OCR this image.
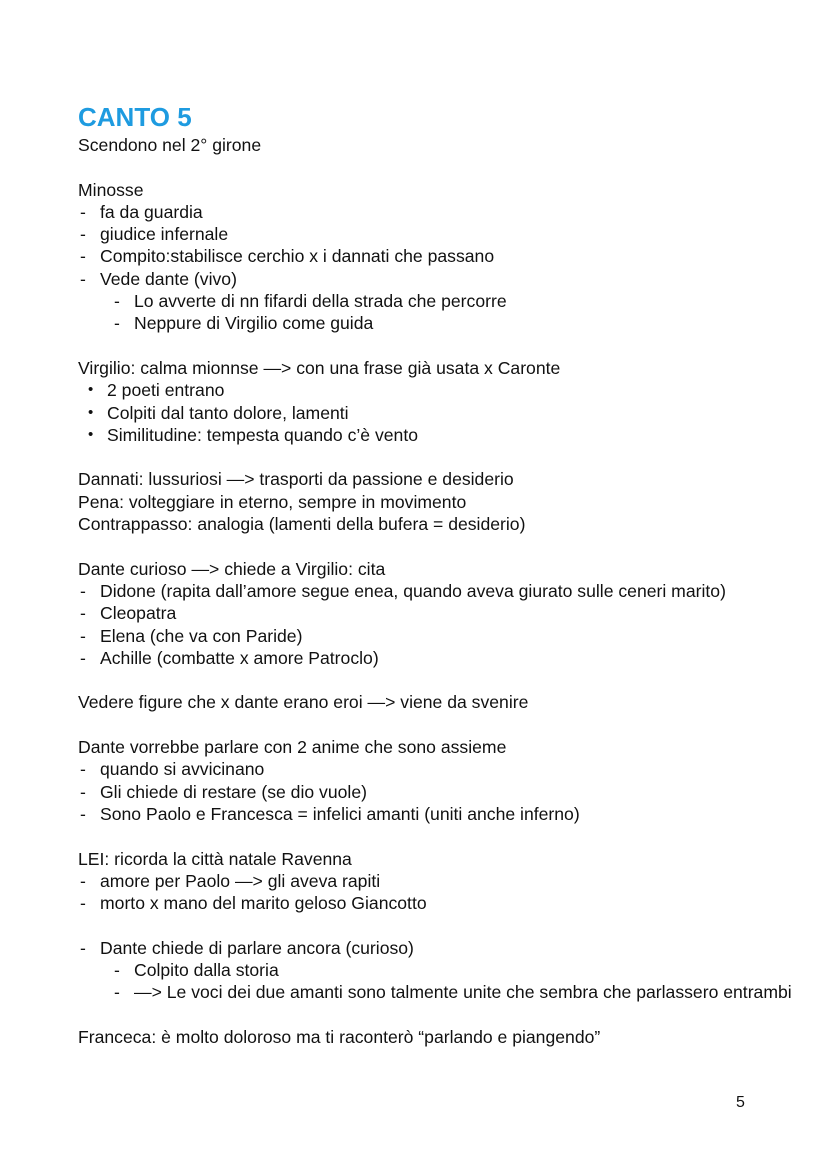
CANTO 5
Scendono nel 2° girone
Minosse
- fa da guardia
- giudice infernale
- Compito:stabilisce cerchio x i dannati che passano
- Vede dante (vivo)
- Lo avverte di nn fifardi della strada che percorre
- Neppure di Virgilio come guida
Virgilio: calma mionnse —> con una frase già usata x Caronte
• 2 poeti entrano
• Colpiti dal tanto dolore, lamenti
• Similitudine: tempesta quando c’è vento
Dannati: lussuriosi —> trasporti da passione e desiderio
Pena: volteggiare in eterno, sempre in movimento
Contrappasso: analogia (lamenti della bufera = desiderio)
Dante curioso —> chiede a Virgilio: cita
- Didone (rapita dall’amore segue enea, quando aveva giurato sulle ceneri marito)
- Cleopatra
- Elena (che va con Paride)
- Achille (combatte x amore Patroclo)
Vedere figure che x dante erano eroi —> viene da svenire
Dante vorrebbe parlare con 2 anime che sono assieme
- quando si avvicinano
- Gli chiede di restare (se dio vuole)
- Sono Paolo e Francesca = infelici amanti (uniti anche inferno)
LEI: ricorda la città natale Ravenna
- amore per Paolo —> gli aveva rapiti
- morto x mano del marito geloso Giancotto
- Dante chiede di parlare ancora (curioso)
- Colpito dalla storia
- —> Le voci dei due amanti sono talmente unite che sembra che parlassero entrambi
Franceca: è molto doloroso ma ti raconterò “parlando e piangendo”
5
